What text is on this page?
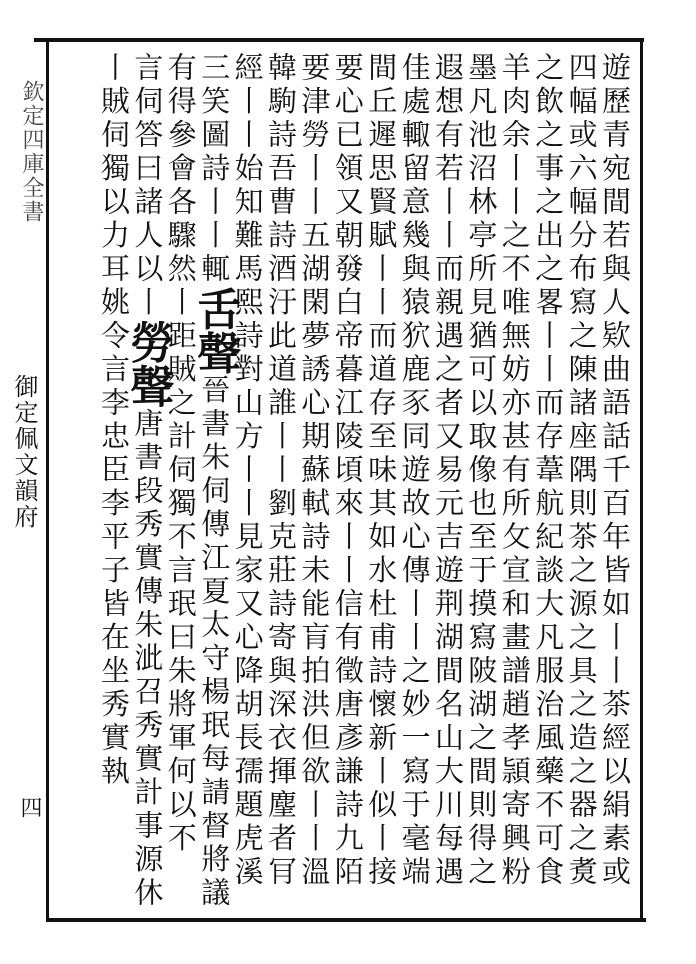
欽定四庫全書
御定佩文韻府
四	遊歷青宛間若與人欵曲語話千百年皆如丨丨茶經以絹素或
四幅或六幅分布寫之陳諸座隅則茶之源之具之造之器之煑
之飲之事之出之畧丨丨而存葦航紀談大凡服治風藥不可食
羊肉余丨丨之不唯無妨亦甚有所攵宣和畫譜趙孝頴寄興粉
墨凡池沼林亭所見猶可以取像也至于摸寫陂湖之間則得之
遐想有若丨丨而親遇之者又易元吉遊荆湖間名山大川每遇
佳處輙留意幾與猿狖鹿豕同遊故心傳丨丨之妙一寫于毫端
間丘遲思賢賦丨丨而道存至味其如水杜甫詩懷新丨似丨接
要心已領又朝發白帝暮江陵頃來丨丨信有徵唐彥謙詩九陌
要津勞丨丨五湖閑夢誘心期蘇軾詩未能肓拍洪但欲丨丨溫
韓駒詩吾曹詩酒汙此道誰丨丨劉克莊詩寄與深衣揮麈者肎
經丨丨始知難馬熙詩對山方丨丨見家又心降胡長孺題虎溪
三笑圖詩丨丨輒舌聲晉書朱伺傳江夏太守楊珉每請督將議
有得參會各驟然丨距賊之計伺獨不言珉曰朱將軍何以不
言伺答曰諸人以丨勞聲唐書段秀實傳朱泚召秀實計事源休
丨賊伺獨以力耳姚令言李忠臣李平子皆在坐秀實執
